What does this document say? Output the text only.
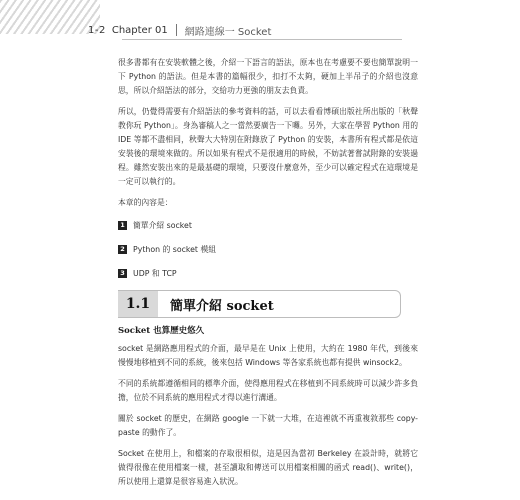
1-2 Chapter 01 網路連線一 Socket

很多書都有在安裝軟體之後，介紹一下語言的語法，原本也在考慮要不要也簡單說明一下 Python 的語法。但是本書的篇幅很少，扣打不太夠，硬加上半吊子的介紹也沒意思，所以介紹語法的部分，交給功力更強的朋友去負責。

所以，仍覺得需要有介紹語法的參考資料的話，可以去看看博碩出版社所出版的「秋聲教你玩 Python」。身為審稿人之一當然要廣告一下囉。另外，大家在學習 Python 用的 IDE 等都不盡相同，秋聲大大特別在附錄放了 Python 的安裝，本書所有程式都是依這安裝後的環境來做的。所以如果有程式不是很適用的時候，不妨試著嘗試附錄的安裝過程。雖然安裝出來的是最基礎的環境，只要沒什麼意外，至少可以確定程式在這環境是一定可以執行的。

本章的內容是：

1 簡單介紹 socket
2 Python 的 socket 模組
3 UDP 和 TCP
1.1	簡單介紹 socket
Socket 也算歷史悠久

socket 是網路應用程式的介面，最早是在 Unix 上使用，大約在 1980 年代，到後來慢慢地移植到不同的系統，後來包括 Windows 等各家系統也都有提供 winsock2。

不同的系統都遵循相同的標準介面，使得應用程式在移植到不同系統時可以減少許多負擔，位於不同系統的應用程式才得以進行溝通。

關於 socket 的歷史，在網路 google 一下就一大堆，在這裡就不再重複敘那些 copy-paste 的動作了。

Socket 在使用上，和檔案的存取很相似，這是因為當初 Berkeley 在設計時，就將它做得很像在使用檔案一樣，甚至讀取和傳送可以用檔案相關的函式 read()、write()，所以使用上還算是很容易進入狀況。
